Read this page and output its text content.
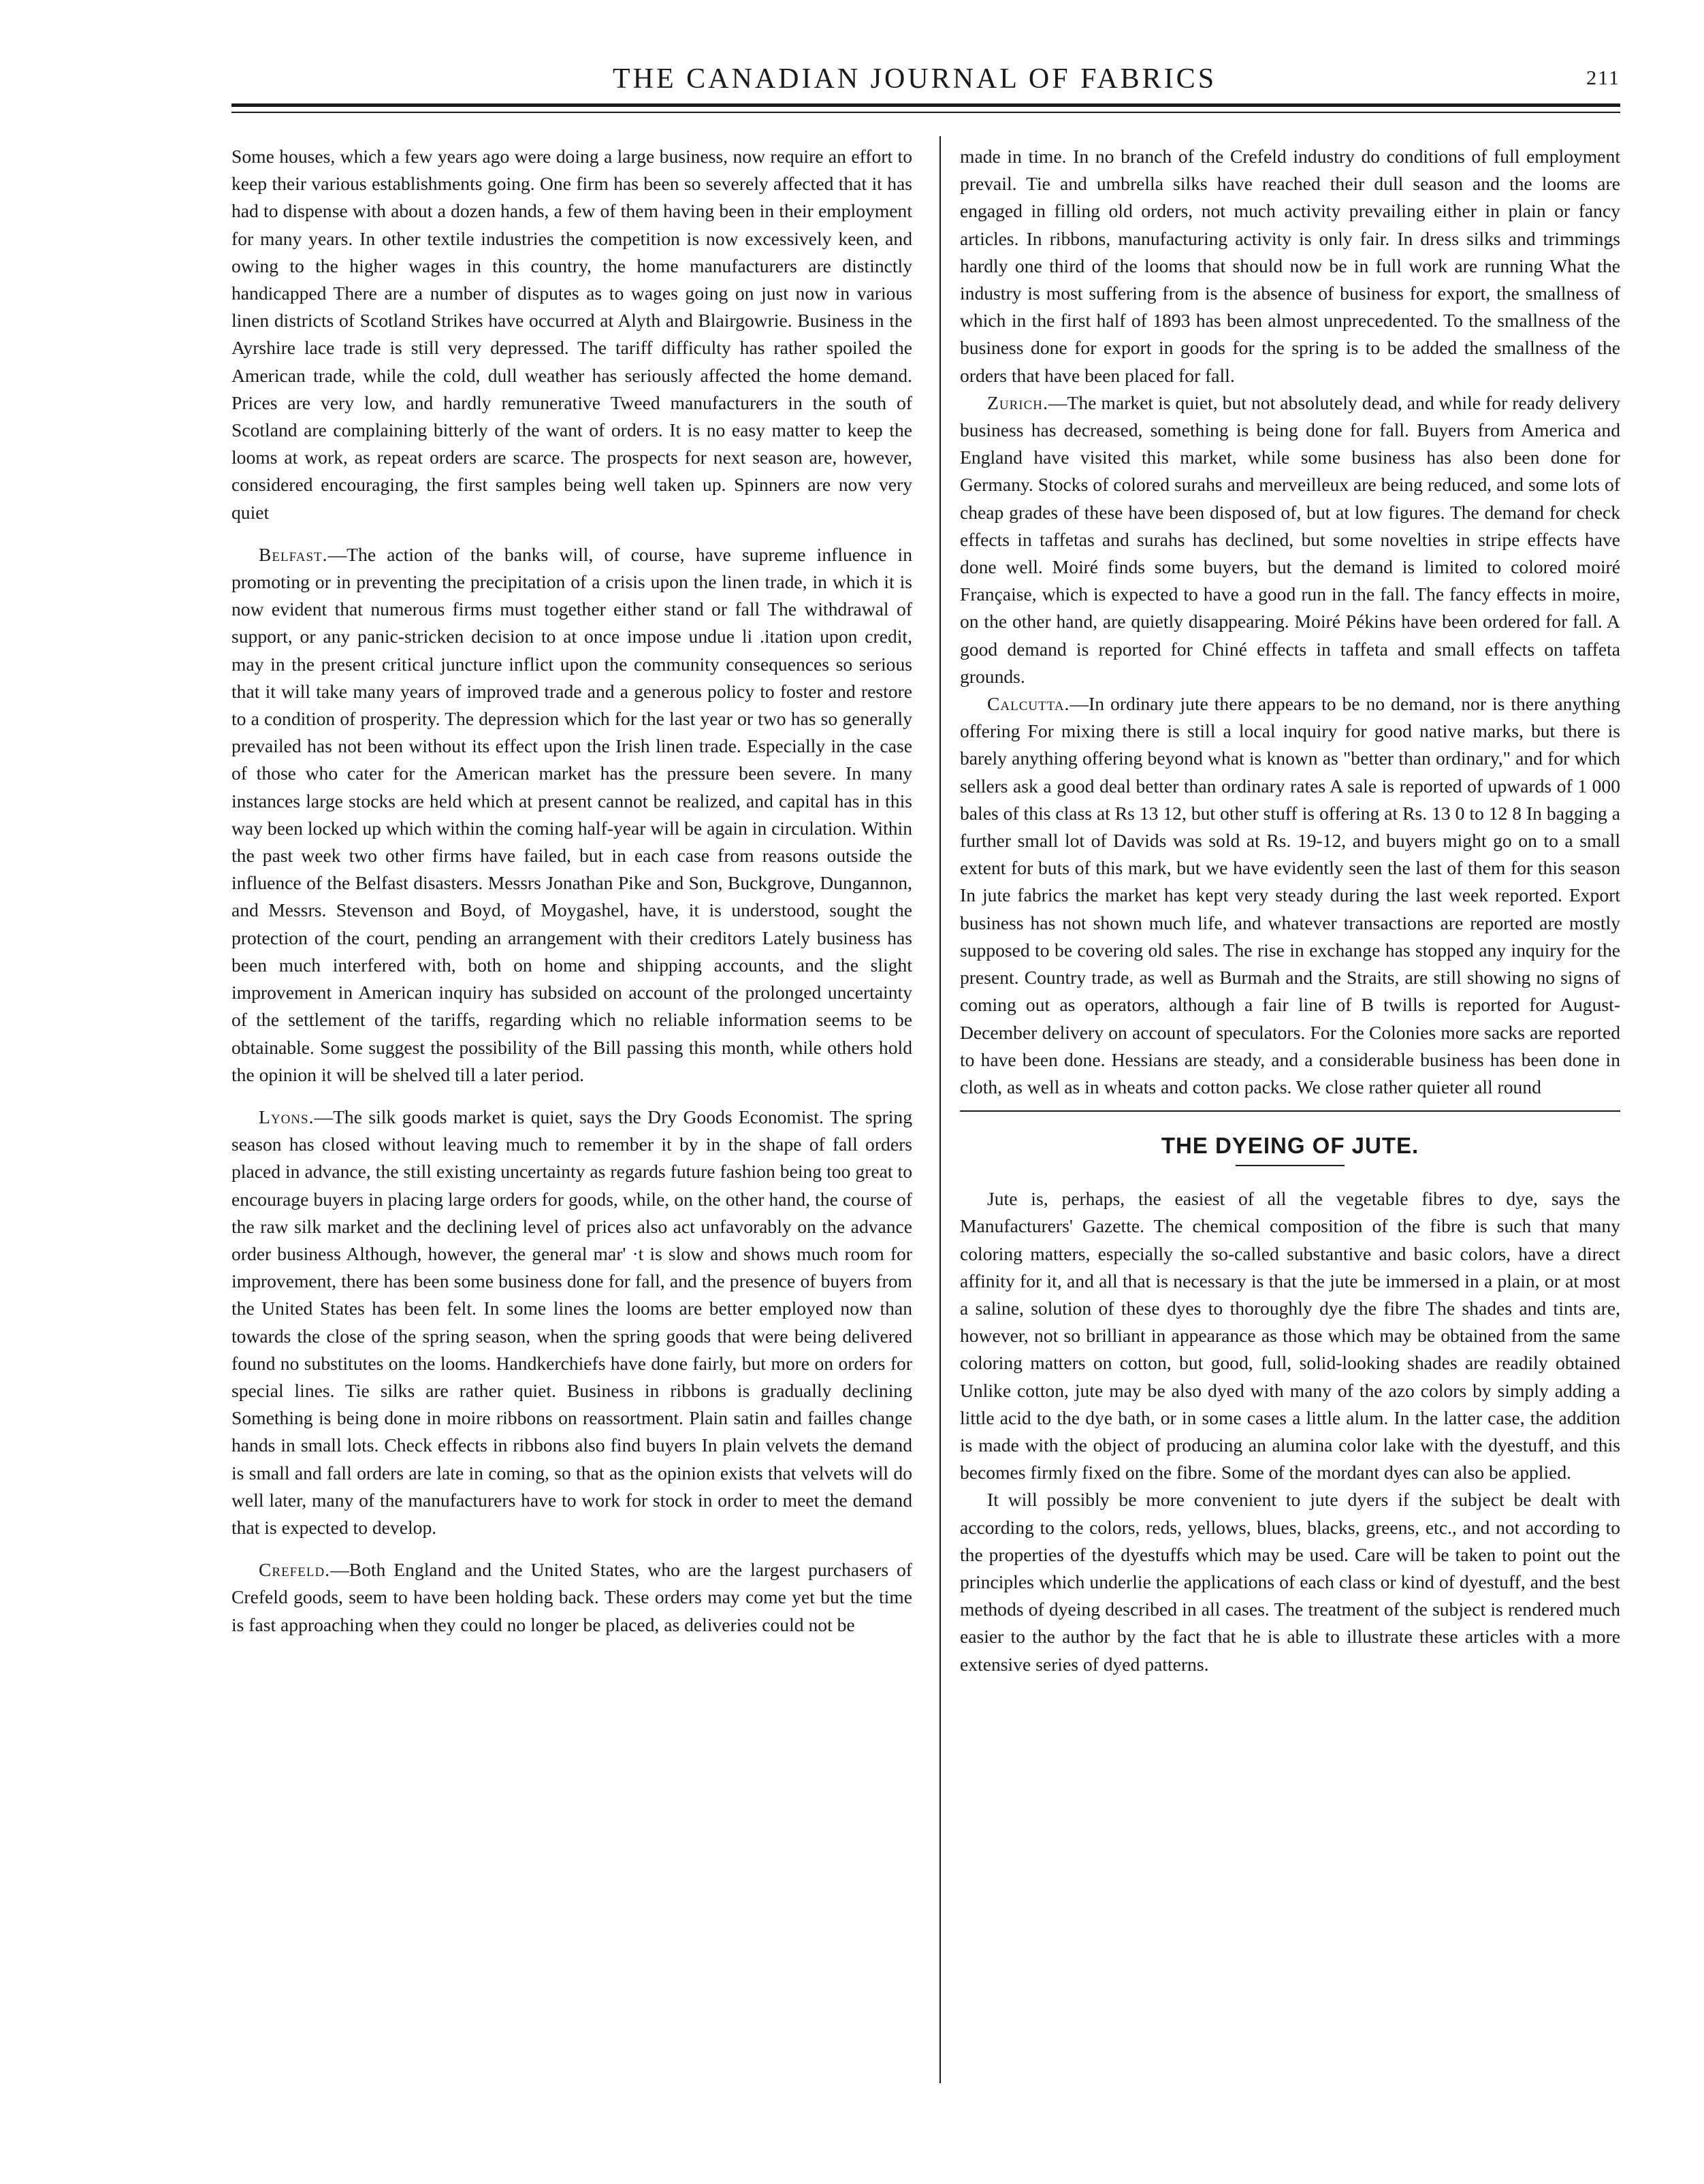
THE CANADIAN JOURNAL OF FABRICS	211

Some houses, which a few years ago were doing a large business, now require an effort to keep their various establishments going. One firm has been so severely affected that it has had to dispense with about a dozen hands, a few of them having been in their employment for many years. In other textile industries the competition is now excessively keen, and owing to the higher wages in this country, the home manufacturers are distinctly handicapped There are a number of disputes as to wages going on just now in various linen districts of Scotland Strikes have occurred at Alyth and Blairgowrie. Business in the Ayrshire lace trade is still very depressed. The tariff difficulty has rather spoiled the American trade, while the cold, dull weather has seriously affected the home demand. Prices are very low, and hardly remunerative Tweed manufacturers in the south of Scotland are complaining bitterly of the want of orders. It is no easy matter to keep the looms at work, as repeat orders are scarce. The prospects for next season are, however, considered encouraging, the first samples being well taken up. Spinners are now very quiet

Belfast.—The action of the banks will, of course, have supreme influence in promoting or in preventing the precipitation of a crisis upon the linen trade, in which it is now evident that numerous firms must together either stand or fall The withdrawal of support, or any panic-stricken decision to at once impose undue li .itation upon credit, may in the present critical juncture inflict upon the community consequences so serious that it will take many years of improved trade and a generous policy to foster and restore to a condition of prosperity. The depression which for the last year or two has so generally prevailed has not been without its effect upon the Irish linen trade. Especially in the case of those who cater for the American market has the pressure been severe. In many instances large stocks are held which at present cannot be realized, and capital has in this way been locked up which within the coming half-year will be again in circulation. Within the past week two other firms have failed, but in each case from reasons outside the influence of the Belfast disasters. Messrs Jonathan Pike and Son, Buckgrove, Dungannon, and Messrs. Stevenson and Boyd, of Moygashel, have, it is understood, sought the protection of the court, pending an arrangement with their creditors Lately business has been much interfered with, both on home and shipping accounts, and the slight improvement in American inquiry has subsided on account of the prolonged uncertainty of the settlement of the tariffs, regarding which no reliable information seems to be obtainable. Some suggest the possibility of the Bill passing this month, while others hold the opinion it will be shelved till a later period.

Lyons.—The silk goods market is quiet, says the Dry Goods Economist. The spring season has closed without leaving much to remember it by in the shape of fall orders placed in advance, the still existing uncertainty as regards future fashion being too great to encourage buyers in placing large orders for goods, while, on the other hand, the course of the raw silk market and the declining level of prices also act unfavorably on the advance order business Although, however, the general mar' ·t is slow and shows much room for improvement, there has been some business done for fall, and the presence of buyers from the United States has been felt. In some lines the looms are better employed now than towards the close of the spring season, when the spring goods that were being delivered found no substitutes on the looms. Handkerchiefs have done fairly, but more on orders for special lines. Tie silks are rather quiet. Business in ribbons is gradually declining Something is being done in moire ribbons on reassortment. Plain satin and failles change hands in small lots. Check effects in ribbons also find buyers In plain velvets the demand is small and fall orders are late in coming, so that as the opinion exists that velvets will do well later, many of the manufacturers have to work for stock in order to meet the demand that is expected to develop.

Crefeld.—Both England and the United States, who are the largest purchasers of Crefeld goods, seem to have been holding back. These orders may come yet but the time is fast approaching when they could no longer be placed, as deliveries could not be

made in time. In no branch of the Crefeld industry do conditions of full employment prevail. Tie and umbrella silks have reached their dull season and the looms are engaged in filling old orders, not much activity prevailing either in plain or fancy articles. In ribbons, manufacturing activity is only fair. In dress silks and trimmings hardly one third of the looms that should now be in full work are running What the industry is most suffering from is the absence of business for export, the smallness of which in the first half of 1893 has been almost unprecedented. To the smallness of the business done for export in goods for the spring is to be added the smallness of the orders that have been placed for fall.

Zurich.—The market is quiet, but not absolutely dead, and while for ready delivery business has decreased, something is being done for fall. Buyers from America and England have visited this market, while some business has also been done for Germany. Stocks of colored surahs and merveilleux are being reduced, and some lots of cheap grades of these have been disposed of, but at low figures. The demand for check effects in taffetas and surahs has declined, but some novelties in stripe effects have done well. Moiré finds some buyers, but the demand is limited to colored moiré Française, which is expected to have a good run in the fall. The fancy effects in moire, on the other hand, are quietly disappearing. Moiré Pékins have been ordered for fall. A good demand is reported for Chiné effects in taffeta and small effects on taffeta grounds.

Calcutta.—In ordinary jute there appears to be no demand, nor is there anything offering For mixing there is still a local inquiry for good native marks, but there is barely anything offering beyond what is known as "better than ordinary," and for which sellers ask a good deal better than ordinary rates A sale is reported of upwards of 1 000 bales of this class at Rs 13 12, but other stuff is offering at Rs. 13 0 to 12 8 In bagging a further small lot of Davids was sold at Rs. 19-12, and buyers might go on to a small extent for buts of this mark, but we have evidently seen the last of them for this season In jute fabrics the market has kept very steady during the last week reported. Export business has not shown much life, and whatever transactions are reported are mostly supposed to be covering old sales. The rise in exchange has stopped any inquiry for the present. Country trade, as well as Burmah and the Straits, are still showing no signs of coming out as operators, although a fair line of B twills is reported for August-December delivery on account of speculators. For the Colonies more sacks are reported to have been done. Hessians are steady, and a considerable business has been done in cloth, as well as in wheats and cotton packs. We close rather quieter all round

THE DYEING OF JUTE.

Jute is, perhaps, the easiest of all the vegetable fibres to dye, says the Manufacturers' Gazette. The chemical composition of the fibre is such that many coloring matters, especially the so-called substantive and basic colors, have a direct affinity for it, and all that is necessary is that the jute be immersed in a plain, or at most a saline, solution of these dyes to thoroughly dye the fibre The shades and tints are, however, not so brilliant in appearance as those which may be obtained from the same coloring matters on cotton, but good, full, solid-looking shades are readily obtained Unlike cotton, jute may be also dyed with many of the azo colors by simply adding a little acid to the dye bath, or in some cases a little alum. In the latter case, the addition is made with the object of producing an alumina color lake with the dyestuff, and this becomes firmly fixed on the fibre. Some of the mordant dyes can also be applied.

It will possibly be more convenient to jute dyers if the subject be dealt with according to the colors, reds, yellows, blues, blacks, greens, etc., and not according to the properties of the dyestuffs which may be used. Care will be taken to point out the principles which underlie the applications of each class or kind of dyestuff, and the best methods of dyeing described in all cases. The treatment of the subject is rendered much easier to the author by the fact that he is able to illustrate these articles with a more extensive series of dyed patterns.
